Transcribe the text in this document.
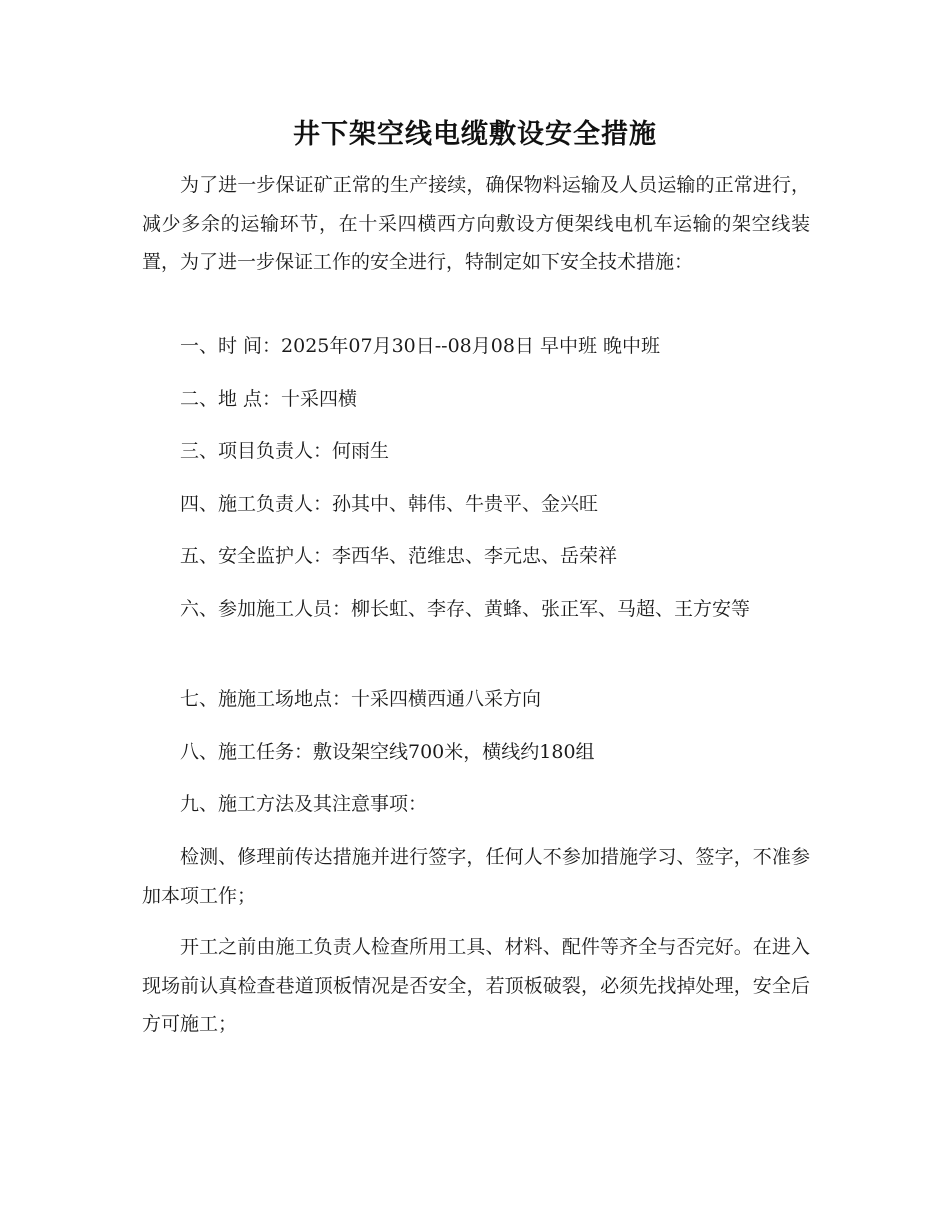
井下架空线电缆敷设安全措施

为了进一步保证矿正常的生产接续，确保物料运输及人员运输的正常进行，减少多余的运输环节，在十采四横西方向敷设方便架线电机车运输的架空线装置，为了进一步保证工作的安全进行，特制定如下安全技术措施：

一、时 间：2025年07月30日--08月08日 早中班 晚中班

二、地 点：十采四横

三、项目负责人：何雨生

四、施工负责人：孙其中、韩伟、牛贵平、金兴旺

五、安全监护人：李西华、范维忠、李元忠、岳荣祥

六、参加施工人员：柳长虹、李存、黄蜂、张正军、马超、王方安等

七、施施工场地点：十采四横西通八采方向

八、施工任务：敷设架空线700米，横线约180组

九、施工方法及其注意事项：

检测、修理前传达措施并进行签字，任何人不参加措施学习、签字，不准参加本项工作；

开工之前由施工负责人检查所用工具、材料、配件等齐全与否完好。在进入现场前认真检查巷道顶板情况是否安全，若顶板破裂，必须先找掉处理，安全后方可施工；
